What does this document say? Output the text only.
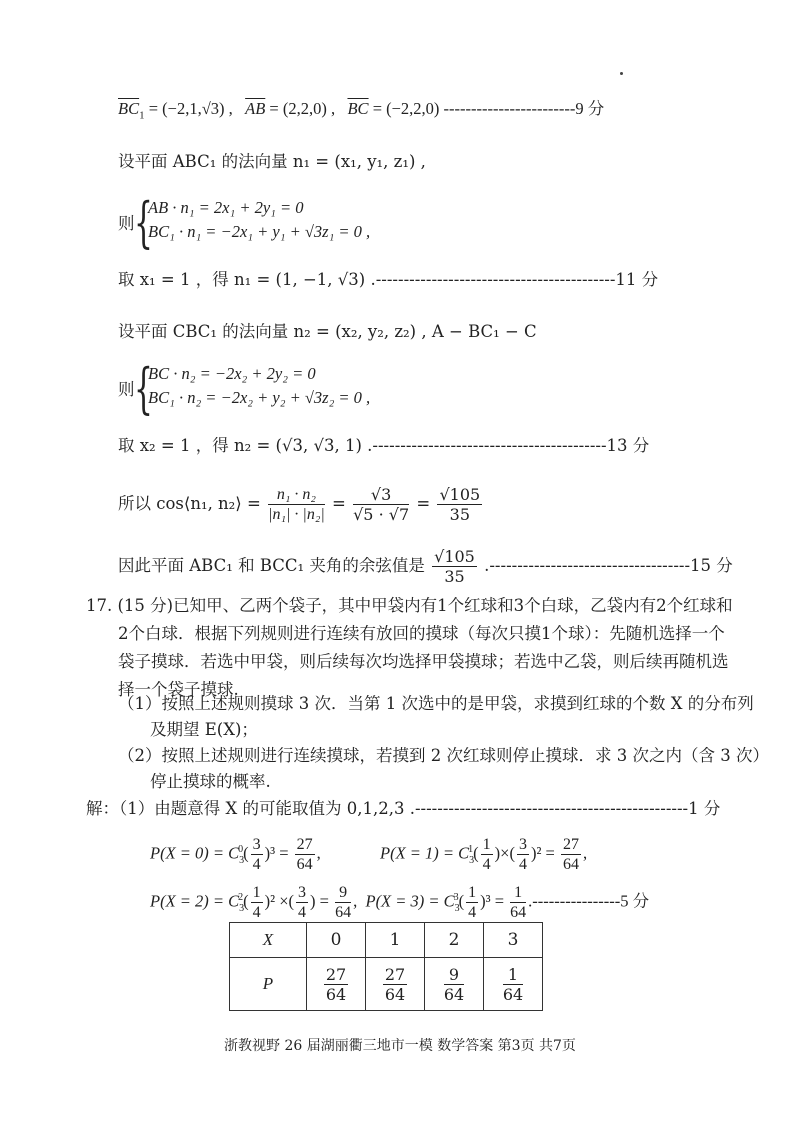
$\overline{BC}_1 = (-2,1,√3)$ ,   $\overline{AB} = (2,2,0)$ ,   $\overline{BC} = (-2,2,0)$ ------------------------9 分
设平面 ABC₁ 的法向量 n₁ = (x₁, y₁, z₁) ,
则 {
AB · n₁ = 2x₁ + 2y₁ = 0
BC₁ · n₁ = −2x₁ + y₁ + √3z₁ = 0 ,
取 x₁ = 1 ，得 n₁ = (1, −1, √3) .-------------------------------------------11 分
设平面 CBC₁ 的法向量 n₂ = (x₂, y₂, z₂) , A − BC₁ − C
则 {
BC · n₂ = −2x₂ + 2y₂ = 0
BC₁ · n₂ = −2x₂ + y₂ + √3z₂ = 0 ,
取 x₂ = 1 ，得 n₂ = (√3, √3, 1) .------------------------------------------13 分
所以 cos⟨n₁, n₂⟩ = $\frac{\text{n₁ · n₂}}{\text{|n₁| · |n₂|}} = \frac{√3}{√5 \cdot √7} = \frac{√105}{35}$
因此平面 ABC₁ 和 BCC₁ 夹角的余弦值是 $\frac{√105}{35} .------------------------------------15$ 分
17. (15 分)已知甲、乙两个袋子，其中甲袋内有1个红球和3个白球，乙袋内有2个红球和
2个白球．根据下列规则进行连续有放回的摸球（每次只摸1个球）：先随机选择一个
袋子摸球．若选中甲袋，则后续每次均选择甲袋摸球；若选中乙袋，则后续再随机选
择一个袋子摸球.
（1）按照上述规则摸球 3 次．当第 1 次选中的是甲袋，求摸到红球的个数 X 的分布列
及期望 E(X)；
（2）按照上述规则进行连续摸球，若摸到 2 次红球则停止摸球．求 3 次之内（含 3 次）
停止摸球的概率.
解：（1）由题意得 X 的可能取值为 0,1,2,3 .-------------------------------------------------1 分
$P(X = 0) = C_3^0( \frac{3}{4} )^3 = \frac{27}{64}$ ,	$P(X = 1) = C_3^1( \frac{1}{4}$ )×( $\frac{3}{4} )^2 = \frac{27}{64}$ ,
$P(X = 2) = C_3^2( \frac{1}{4} )^2$ ×( $\frac{3}{4}$ ) = $\frac{9}{64}$ ,  $P(X = 3) = C_3^3( \frac{1}{4} )^3 = \frac{1}{64} .----------------5$ 分
X	0	1	2	3
P	$\frac{27}{64}$	$\frac{27}{64}$	$\frac{9}{64}$	$\frac{1}{64}$
浙教视野 26 届湖丽衢三地市一模 数学答案 第3页 共7页
